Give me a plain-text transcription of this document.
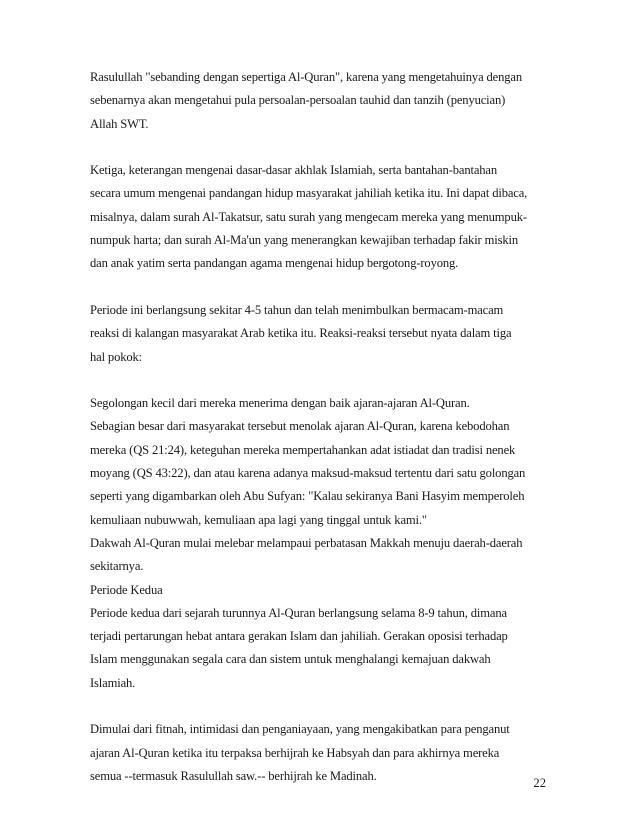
Rasulullah "sebanding dengan sepertiga Al-Quran", karena yang mengetahuinya dengan
sebenarnya akan mengetahui pula persoalan-persoalan tauhid dan tanzih (penyucian)
Allah SWT.
Ketiga, keterangan mengenai dasar-dasar akhlak Islamiah, serta bantahan-bantahan
secara umum mengenai pandangan hidup masyarakat jahiliah ketika itu. Ini dapat dibaca,
misalnya, dalam surah Al-Takatsur, satu surah yang mengecam mereka yang menumpuk-
numpuk harta; dan surah Al-Ma'un yang menerangkan kewajiban terhadap fakir miskin
dan anak yatim serta pandangan agama mengenai hidup bergotong-royong.
Periode ini berlangsung sekitar 4-5 tahun dan telah menimbulkan bermacam-macam
reaksi di kalangan masyarakat Arab ketika itu. Reaksi-reaksi tersebut nyata dalam tiga
hal pokok:
Segolongan kecil dari mereka menerima dengan baik ajaran-ajaran Al-Quran.
Sebagian besar dari masyarakat tersebut menolak ajaran Al-Quran, karena kebodohan
mereka (QS 21:24), keteguhan mereka mempertahankan adat istiadat dan tradisi nenek
moyang (QS 43:22), dan atau karena adanya maksud-maksud tertentu dari satu golongan
seperti yang digambarkan oleh Abu Sufyan: "Kalau sekiranya Bani Hasyim memperoleh
kemuliaan nubuwwah, kemuliaan apa lagi yang tinggal untuk kami."
Dakwah Al-Quran mulai melebar melampaui perbatasan Makkah menuju daerah-daerah
sekitarnya.
Periode Kedua
Periode kedua dari sejarah turunnya Al-Quran berlangsung selama 8-9 tahun, dimana
terjadi pertarungan hebat antara gerakan Islam dan jahiliah. Gerakan oposisi terhadap
Islam menggunakan segala cara dan sistem untuk menghalangi kemajuan dakwah
Islamiah.
Dimulai dari fitnah, intimidasi dan penganiayaan, yang mengakibatkan para penganut
ajaran Al-Quran ketika itu terpaksa berhijrah ke Habsyah dan para akhirnya mereka
semua --termasuk Rasulullah saw.-- berhijrah ke Madinah.
22
